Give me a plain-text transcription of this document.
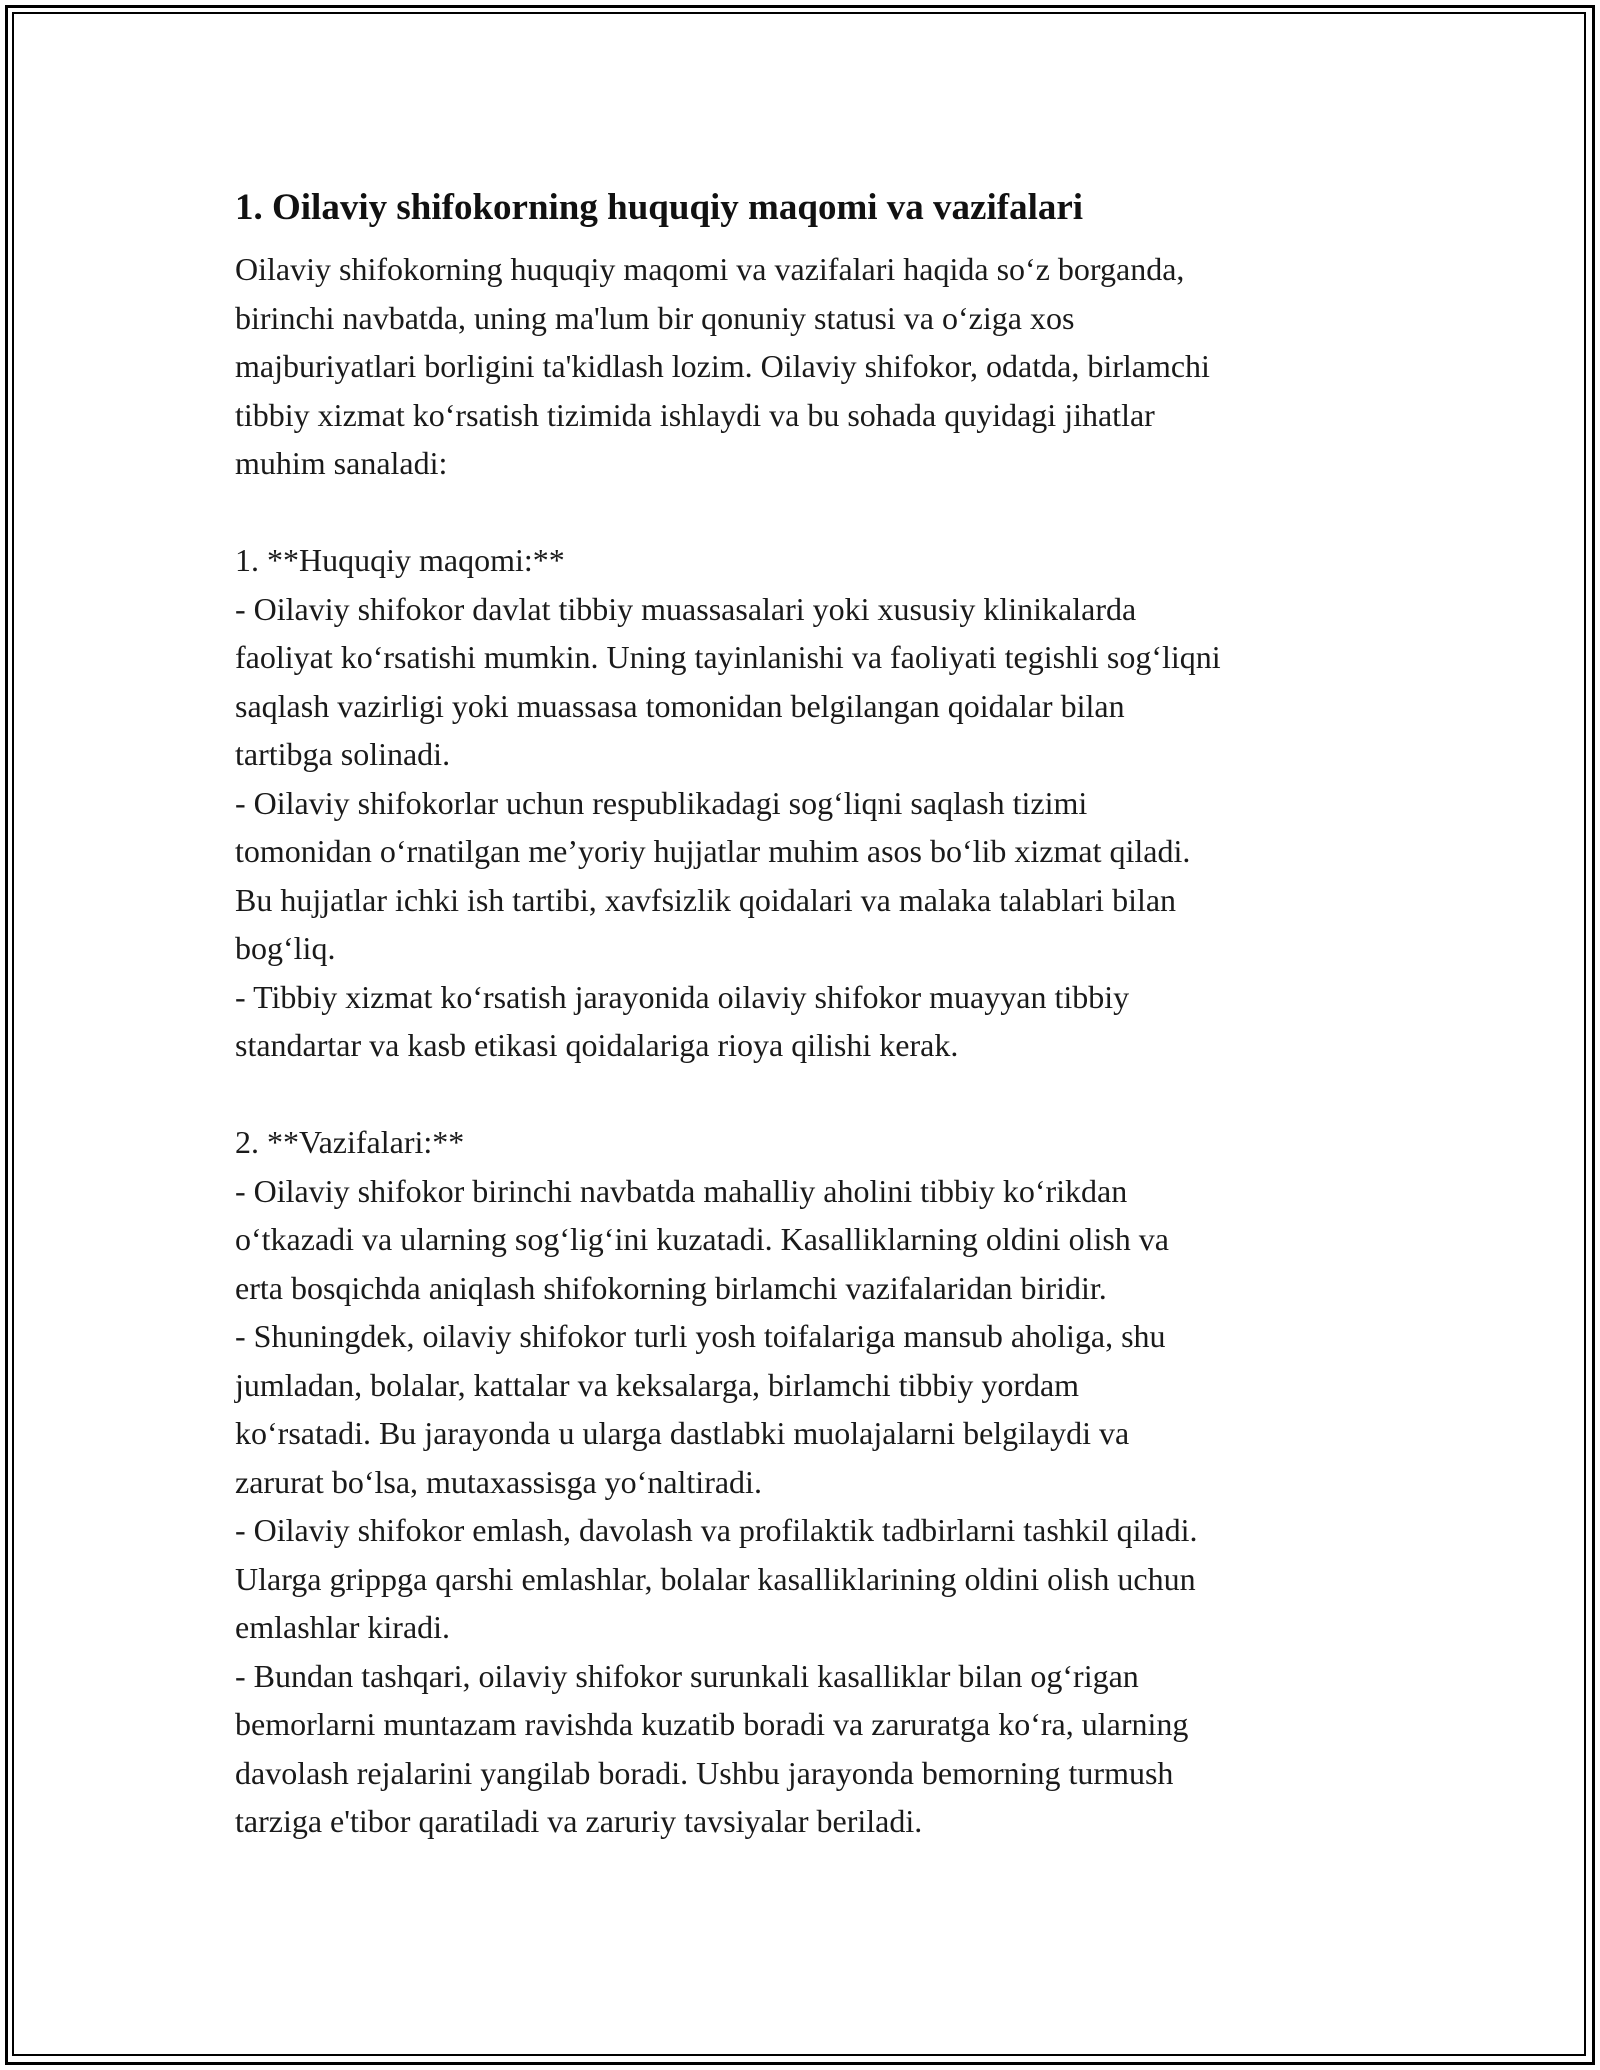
1. Oilaviy shifokorning huquqiy maqomi va vazifalari

Oilaviy shifokorning huquqiy maqomi va vazifalari haqida so‘z borganda,
birinchi navbatda, uning ma'lum bir qonuniy statusi va o‘ziga xos
majburiyatlari borligini ta'kidlash lozim. Oilaviy shifokor, odatda, birlamchi
tibbiy xizmat ko‘rsatish tizimida ishlaydi va bu sohada quyidagi jihatlar
muhim sanaladi:

1. **Huquqiy maqomi:**
- Oilaviy shifokor davlat tibbiy muassasalari yoki xususiy klinikalarda
faoliyat ko‘rsatishi mumkin. Uning tayinlanishi va faoliyati tegishli sog‘liqni
saqlash vazirligi yoki muassasa tomonidan belgilangan qoidalar bilan
tartibga solinadi.
- Oilaviy shifokorlar uchun respublikadagi sog‘liqni saqlash tizimi
tomonidan o‘rnatilgan me’yoriy hujjatlar muhim asos bo‘lib xizmat qiladi.
Bu hujjatlar ichki ish tartibi, xavfsizlik qoidalari va malaka talablari bilan
bog‘liq.
- Tibbiy xizmat ko‘rsatish jarayonida oilaviy shifokor muayyan tibbiy
standartar va kasb etikasi qoidalariga rioya qilishi kerak.

2. **Vazifalari:**
- Oilaviy shifokor birinchi navbatda mahalliy aholini tibbiy ko‘rikdan
o‘tkazadi va ularning sog‘lig‘ini kuzatadi. Kasalliklarning oldini olish va
erta bosqichda aniqlash shifokorning birlamchi vazifalaridan biridir.
- Shuningdek, oilaviy shifokor turli yosh toifalariga mansub aholiga, shu
jumladan, bolalar, kattalar va keksalarga, birlamchi tibbiy yordam
ko‘rsatadi. Bu jarayonda u ularga dastlabki muolajalarni belgilaydi va
zarurat bo‘lsa, mutaxassisga yo‘naltiradi.
- Oilaviy shifokor emlash, davolash va profilaktik tadbirlarni tashkil qiladi.
Ularga grippga qarshi emlashlar, bolalar kasalliklarining oldini olish uchun
emlashlar kiradi.
- Bundan tashqari, oilaviy shifokor surunkali kasalliklar bilan og‘rigan
bemorlarni muntazam ravishda kuzatib boradi va zaruratga ko‘ra, ularning
davolash rejalarini yangilab boradi. Ushbu jarayonda bemorning turmush
tarziga e'tibor qaratiladi va zaruriy tavsiyalar beriladi.
